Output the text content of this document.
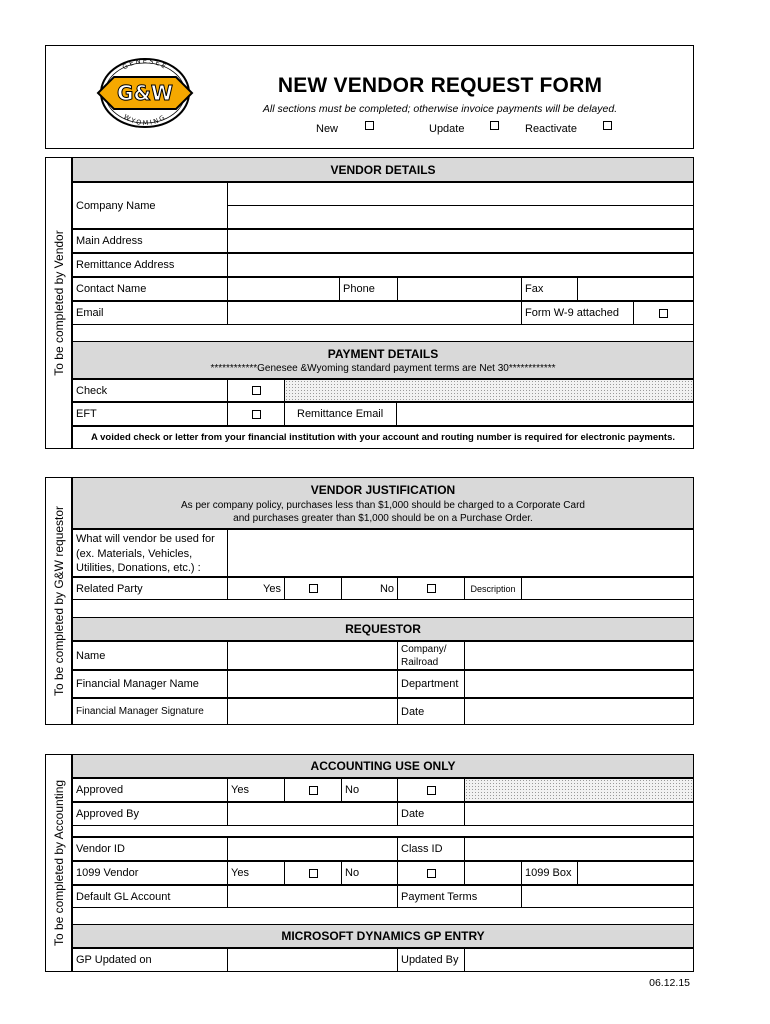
GENESEE
WYOMING
G&W	NEW VENDOR REQUEST FORM
All sections must be completed; otherwise invoice payments will be delayed.
New	Update	Reactivate
To be completed by Vendor
VENDOR DETAILS
Company Name
Main Address
Remittance Address
Contact Name	Phone	Fax
Email	Form W-9 attached
PAYMENT DETAILS
************Genesee &Wyoming standard payment terms are Net 30************
Check
EFT	Remittance Email
A voided check or letter from your financial institution with your account and routing number is required for electronic payments.
To be completed by G&W requestor
VENDOR JUSTIFICATION
As per company policy, purchases less than $1,000 should be charged to a Corporate Card
and purchases greater than $1,000 should be on a Purchase Order.
What will vendor be used for
(ex. Materials, Vehicles,
Utilities, Donations, etc.) :
Related Party	Yes	No	Description
REQUESTOR
Name	Company/
Railroad
Financial Manager Name	Department
Financial Manager Signature	Date
To be completed by Accounting
ACCOUNTING USE ONLY
Approved	Yes	No
Approved By	Date
Vendor ID	Class ID
1099 Vendor	Yes	No	1099 Box
Default GL Account	Payment Terms
MICROSOFT DYNAMICS GP ENTRY
GP Updated on	Updated By
06.12.15
